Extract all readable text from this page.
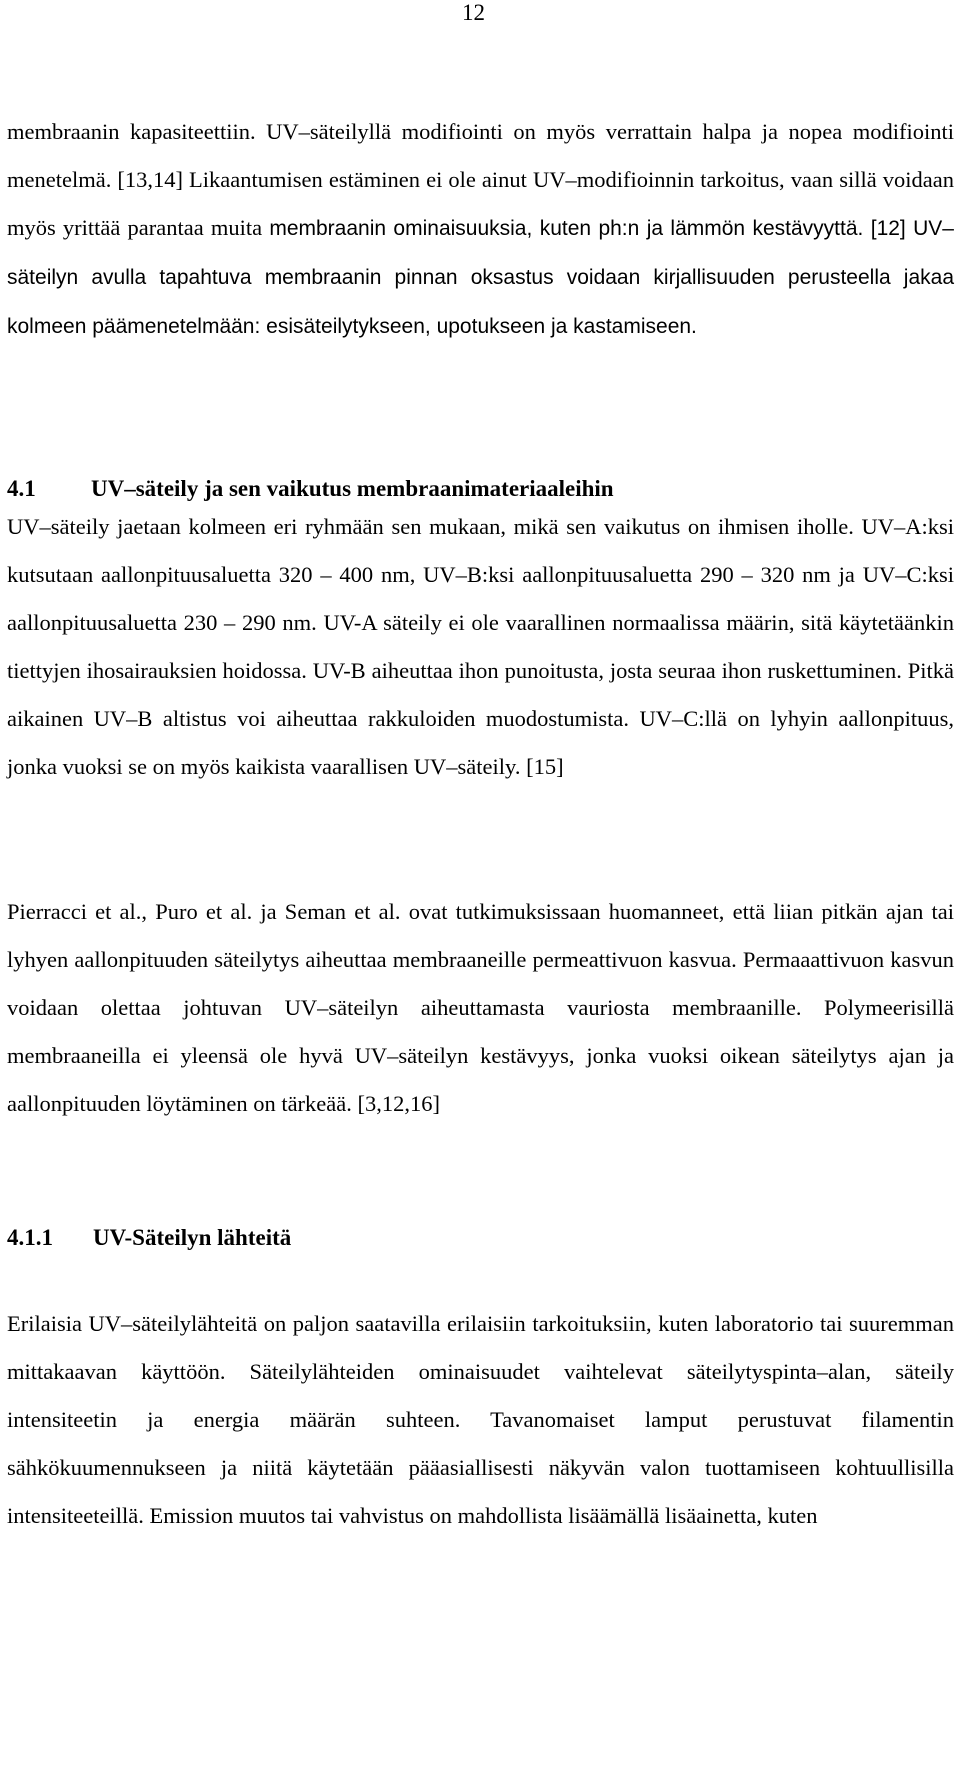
12

membraanin kapasiteettiin. UV–säteilyllä modifiointi on myös verrattain halpa ja nopea modifiointi menetelmä. [13,14] Likaantumisen estäminen ei ole ainut UV–modifioinnin tarkoitus, vaan sillä voidaan myös yrittää parantaa muita membraanin ominaisuuksia, kuten ph:n ja lämmön kestävyyttä. [12] UV–säteilyn avulla tapahtuva membraanin pinnan oksastus voidaan kirjallisuuden perusteella jakaa kolmeen päämenetelmään: esisäteilytykseen, upotukseen ja kastamiseen.

4.1 UV–säteily ja sen vaikutus membraanimateriaaleihin

UV–säteily jaetaan kolmeen eri ryhmään sen mukaan, mikä sen vaikutus on ihmisen iholle. UV–A:ksi kutsutaan aallonpituusaluetta 320 – 400 nm, UV–B:ksi aallonpituusaluetta 290 – 320 nm ja UV–C:ksi aallonpituusaluetta 230 – 290 nm. UV-A säteily ei ole vaarallinen normaalissa määrin, sitä käytetäänkin tiettyjen ihosairauksien hoidossa. UV-B aiheuttaa ihon punoitusta, josta seuraa ihon ruskettuminen. Pitkä aikainen UV–B altistus voi aiheuttaa rakkuloiden muodostumista. UV–C:llä on lyhyin aallonpituus, jonka vuoksi se on myös kaikista vaarallisen UV–säteily. [15]

Pierracci et al., Puro et al. ja Seman et al. ovat tutkimuksissaan huomanneet, että liian pitkän ajan tai lyhyen aallonpituuden säteilytys aiheuttaa membraaneille permeattivuon kasvua. Permaaattivuon kasvun voidaan olettaa johtuvan UV–säteilyn aiheuttamasta vauriosta membraanille. Polymeerisillä membraaneilla ei yleensä ole hyvä UV–säteilyn kestävyys, jonka vuoksi oikean säteilytys ajan ja aallonpituuden löytäminen on tärkeää. [3,12,16]

4.1.1 UV-Säteilyn lähteitä

Erilaisia UV–säteilylähteitä on paljon saatavilla erilaisiin tarkoituksiin, kuten laboratorio tai suuremman mittakaavan käyttöön. Säteilylähteiden ominaisuudet vaihtelevat säteilytyspinta–alan, säteily intensiteetin ja energia määrän suhteen. Tavanomaiset lamput perustuvat filamentin sähkökuumennukseen ja niitä käytetään pääasiallisesti näkyvän valon tuottamiseen kohtuullisilla intensiteeteillä. Emission muutos tai vahvistus on mahdollista lisäämällä lisäainetta, kuten
